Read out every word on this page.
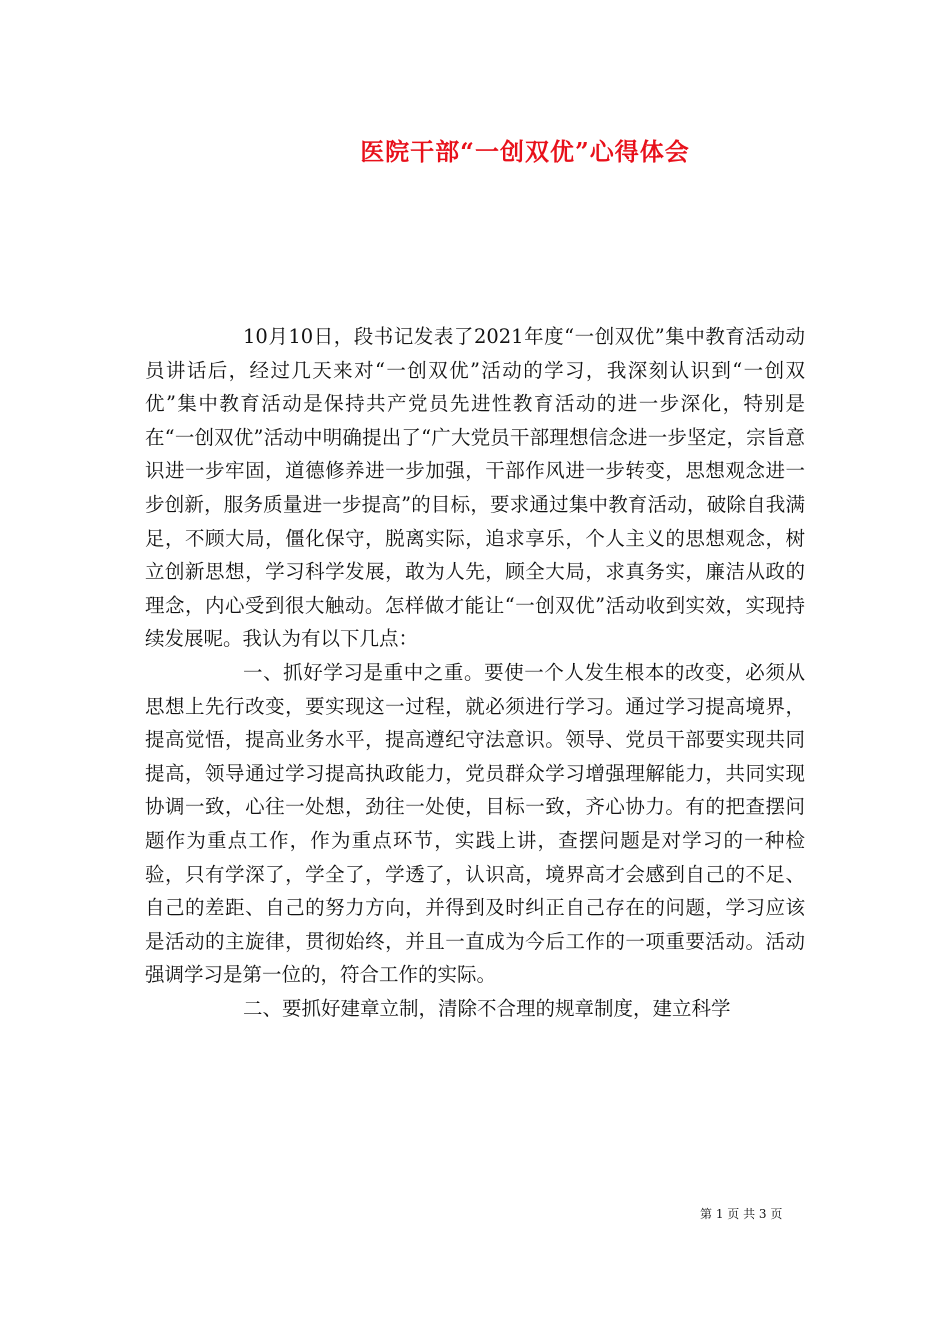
医院干部“一创双优”心得体会

10月10日，段书记发表了2021年度“一创双优”集中教育活动动员讲话后，经过几天来对“一创双优”活动的学习，我深刻认识到“一创双优”集中教育活动是保持共产党员先进性教育活动的进一步深化，特别是在“一创双优”活动中明确提出了“广大党员干部理想信念进一步坚定，宗旨意识进一步牢固，道德修养进一步加强，干部作风进一步转变，思想观念进一步创新，服务质量进一步提高”的目标，要求通过集中教育活动，破除自我满足，不顾大局，僵化保守，脱离实际，追求享乐，个人主义的思想观念，树立创新思想，学习科学发展，敢为人先，顾全大局，求真务实，廉洁从政的理念，内心受到很大触动。怎样做才能让“一创双优”活动收到实效，实现持续发展呢。我认为有以下几点：

一、抓好学习是重中之重。要使一个人发生根本的改变，必须从思想上先行改变，要实现这一过程，就必须进行学习。通过学习提高境界，提高觉悟，提高业务水平，提高遵纪守法意识。领导、党员干部要实现共同提高，领导通过学习提高执政能力，党员群众学习增强理解能力，共同实现协调一致，心往一处想，劲往一处使，目标一致，齐心协力。有的把查摆问题作为重点工作，作为重点环节，实践上讲，查摆问题是对学习的一种检验，只有学深了，学全了，学透了，认识高，境界高才会感到自己的不足、自己的差距、自己的努力方向，并得到及时纠正自己存在的问题，学习应该是活动的主旋律，贯彻始终，并且一直成为今后工作的一项重要活动。活动强调学习是第一位的，符合工作的实际。

二、要抓好建章立制，清除不合理的规章制度，建立科学

第 1 页 共 3 页
